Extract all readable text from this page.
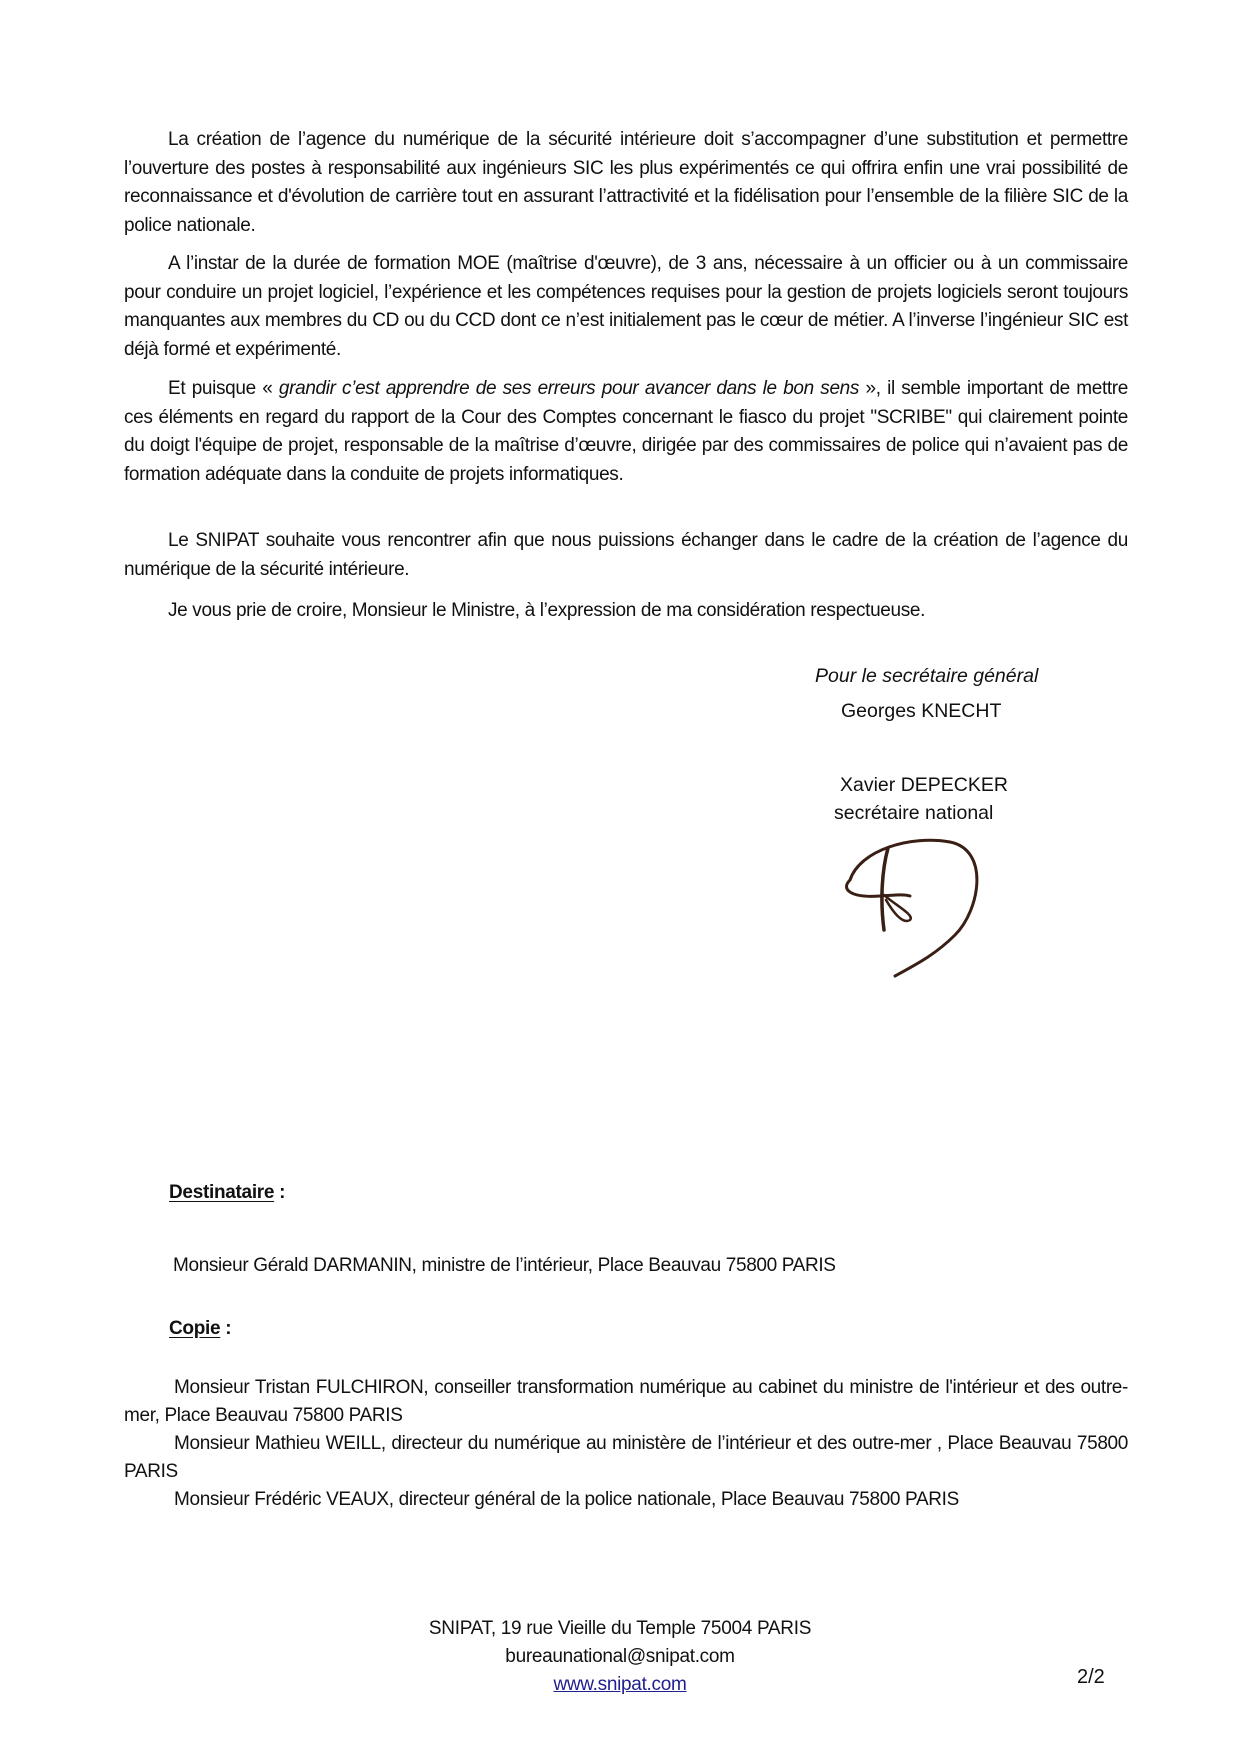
La création de l’agence du numérique de la sécurité intérieure doit s’accompagner d’une substitution et permettre l’ouverture des postes à responsabilité aux ingénieurs SIC les plus expérimentés ce qui offrira enfin une vrai possibilité de reconnaissance et d'évolution de carrière tout en assurant l’attractivité et la fidélisation pour l’ensemble de la filière SIC de la police nationale.

A l’instar de la durée de formation MOE (maîtrise d'œuvre), de 3 ans, nécessaire à un officier ou à un commissaire pour conduire un projet logiciel, l’expérience et les compétences requises pour la gestion de projets logiciels seront toujours manquantes aux membres du CD ou du CCD dont ce n’est initialement pas le cœur de métier. A l’inverse l’ingénieur SIC est déjà formé et expérimenté.

Et puisque « grandir c’est apprendre de ses erreurs pour avancer dans le bon sens », il semble important de mettre ces éléments en regard du rapport de la Cour des Comptes concernant le fiasco du projet "SCRIBE" qui clairement pointe du doigt l'équipe de projet, responsable de la maîtrise d’œuvre, dirigée par des commissaires de police qui n’avaient pas de formation adéquate dans la conduite de projets informatiques.

Le SNIPAT souhaite vous rencontrer afin que nous puissions échanger dans le cadre de la création de l’agence du numérique de la sécurité intérieure.

Je vous prie de croire, Monsieur le Ministre, à l’expression de ma considération respectueuse.

Pour le secrétaire général
Georges KNECHT
Xavier DEPECKER
secrétaire national
Destinataire :
Monsieur Gérald DARMANIN, ministre de l’intérieur, Place Beauvau 75800 PARIS
Copie :

Monsieur Tristan FULCHIRON, conseiller transformation numérique au cabinet du ministre de l'intérieur et des outre-mer, Place Beauvau 75800 PARIS

Monsieur Mathieu WEILL, directeur du numérique au ministère de l’intérieur et des outre-mer , Place Beauvau 75800 PARIS

Monsieur Frédéric VEAUX, directeur général de la police nationale, Place Beauvau 75800 PARIS

SNIPAT, 19 rue Vieille du Temple 75004 PARIS
bureaunational@snipat.com
www.snipat.com	2/2
